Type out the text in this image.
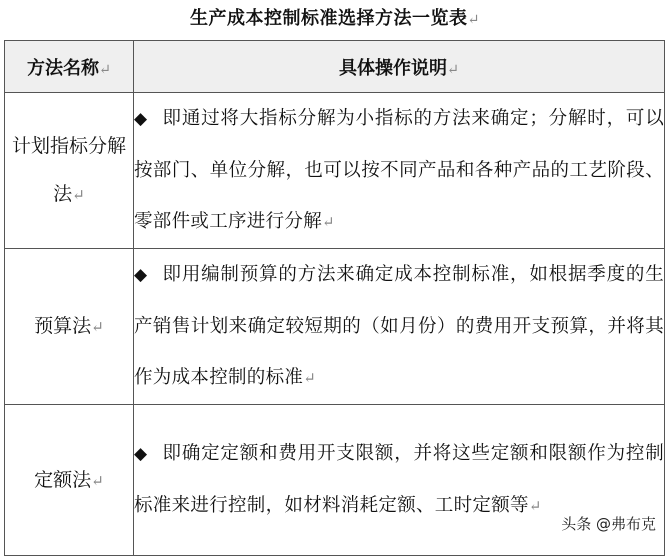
生产成本控制标准选择方法一览表↵
方法名称↵	具体操作说明↵
计划指标分解法↵	◆ 即通过将大指标分解为小指标的方法来确定；分解时，可以按部门、单位分解，也可以按不同产品和各种产品的工艺阶段、零部件或工序进行分解↵
预算法↵	◆ 即用编制预算的方法来确定成本控制标准，如根据季度的生产销售计划来确定较短期的（如月份）的费用开支预算，并将其作为成本控制的标准↵
定额法↵	◆ 即确定定额和费用开支限额，并将这些定额和限额作为控制标准来进行控制，如材料消耗定额、工时定额等↵
头条 @弗布克
